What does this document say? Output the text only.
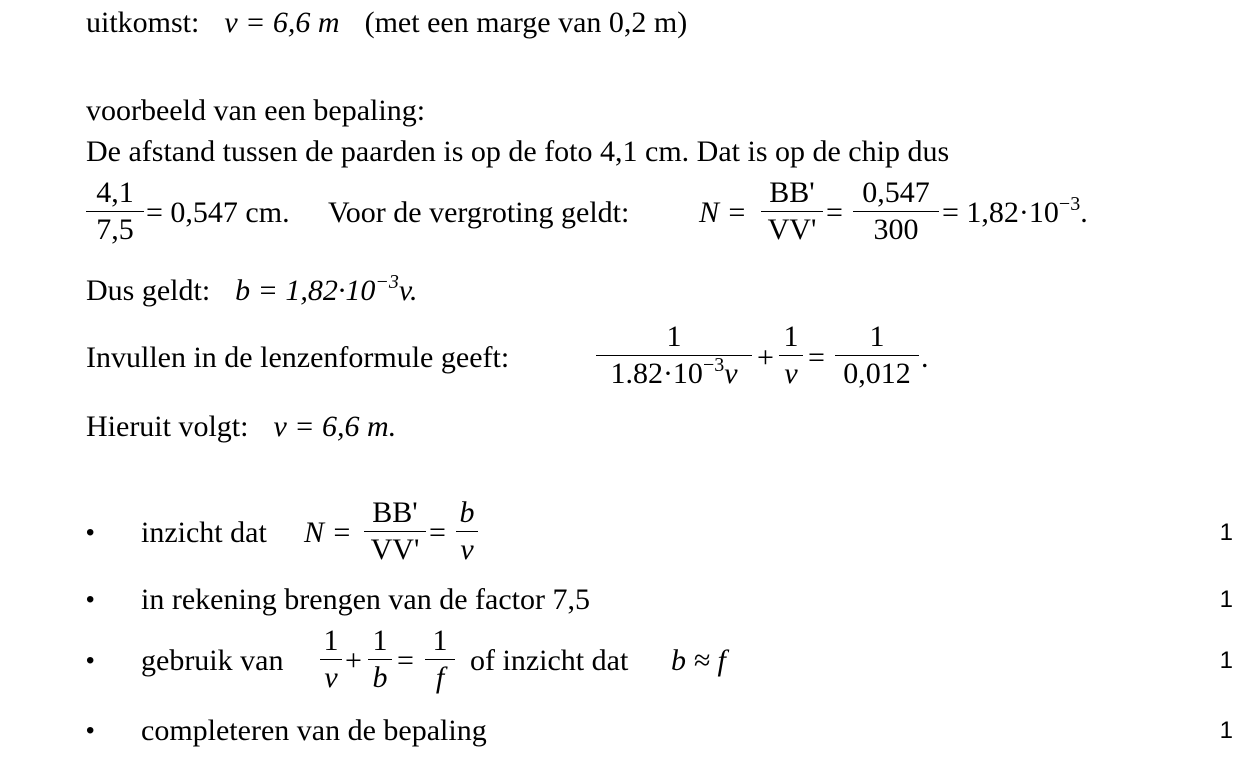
uitkomst: v = 6,6 m (met een marge van 0,2 m)
voorbeeld van een bepaling:
De afstand tussen de paarden is op de foto 4,1 cm. Dat is op de chip dus
4,1
7,5
= 0,547 cm. Voor de vergroting geldt: N =
BB'
VV'
=
0,547
300
= $1,82\cdot 10^{-3}$.
Dus geldt: $b = 1,82\cdot 10^{-3}v$.
Invullen in de lenzenformule geeft:
1
$1.82\cdot 10^{-3}v$ +
1
v =
1
0,012 .
Hieruit volgt: v = 6,6 m.
• inzicht dat N =
BB'
VV'
=
b
v
1
• in rekening brengen van de factor 7,5	1
• gebruik van
1
v
+
1
b
=
1
f
of inzicht dat b ≈ f	1
• completeren van de bepaling	1
